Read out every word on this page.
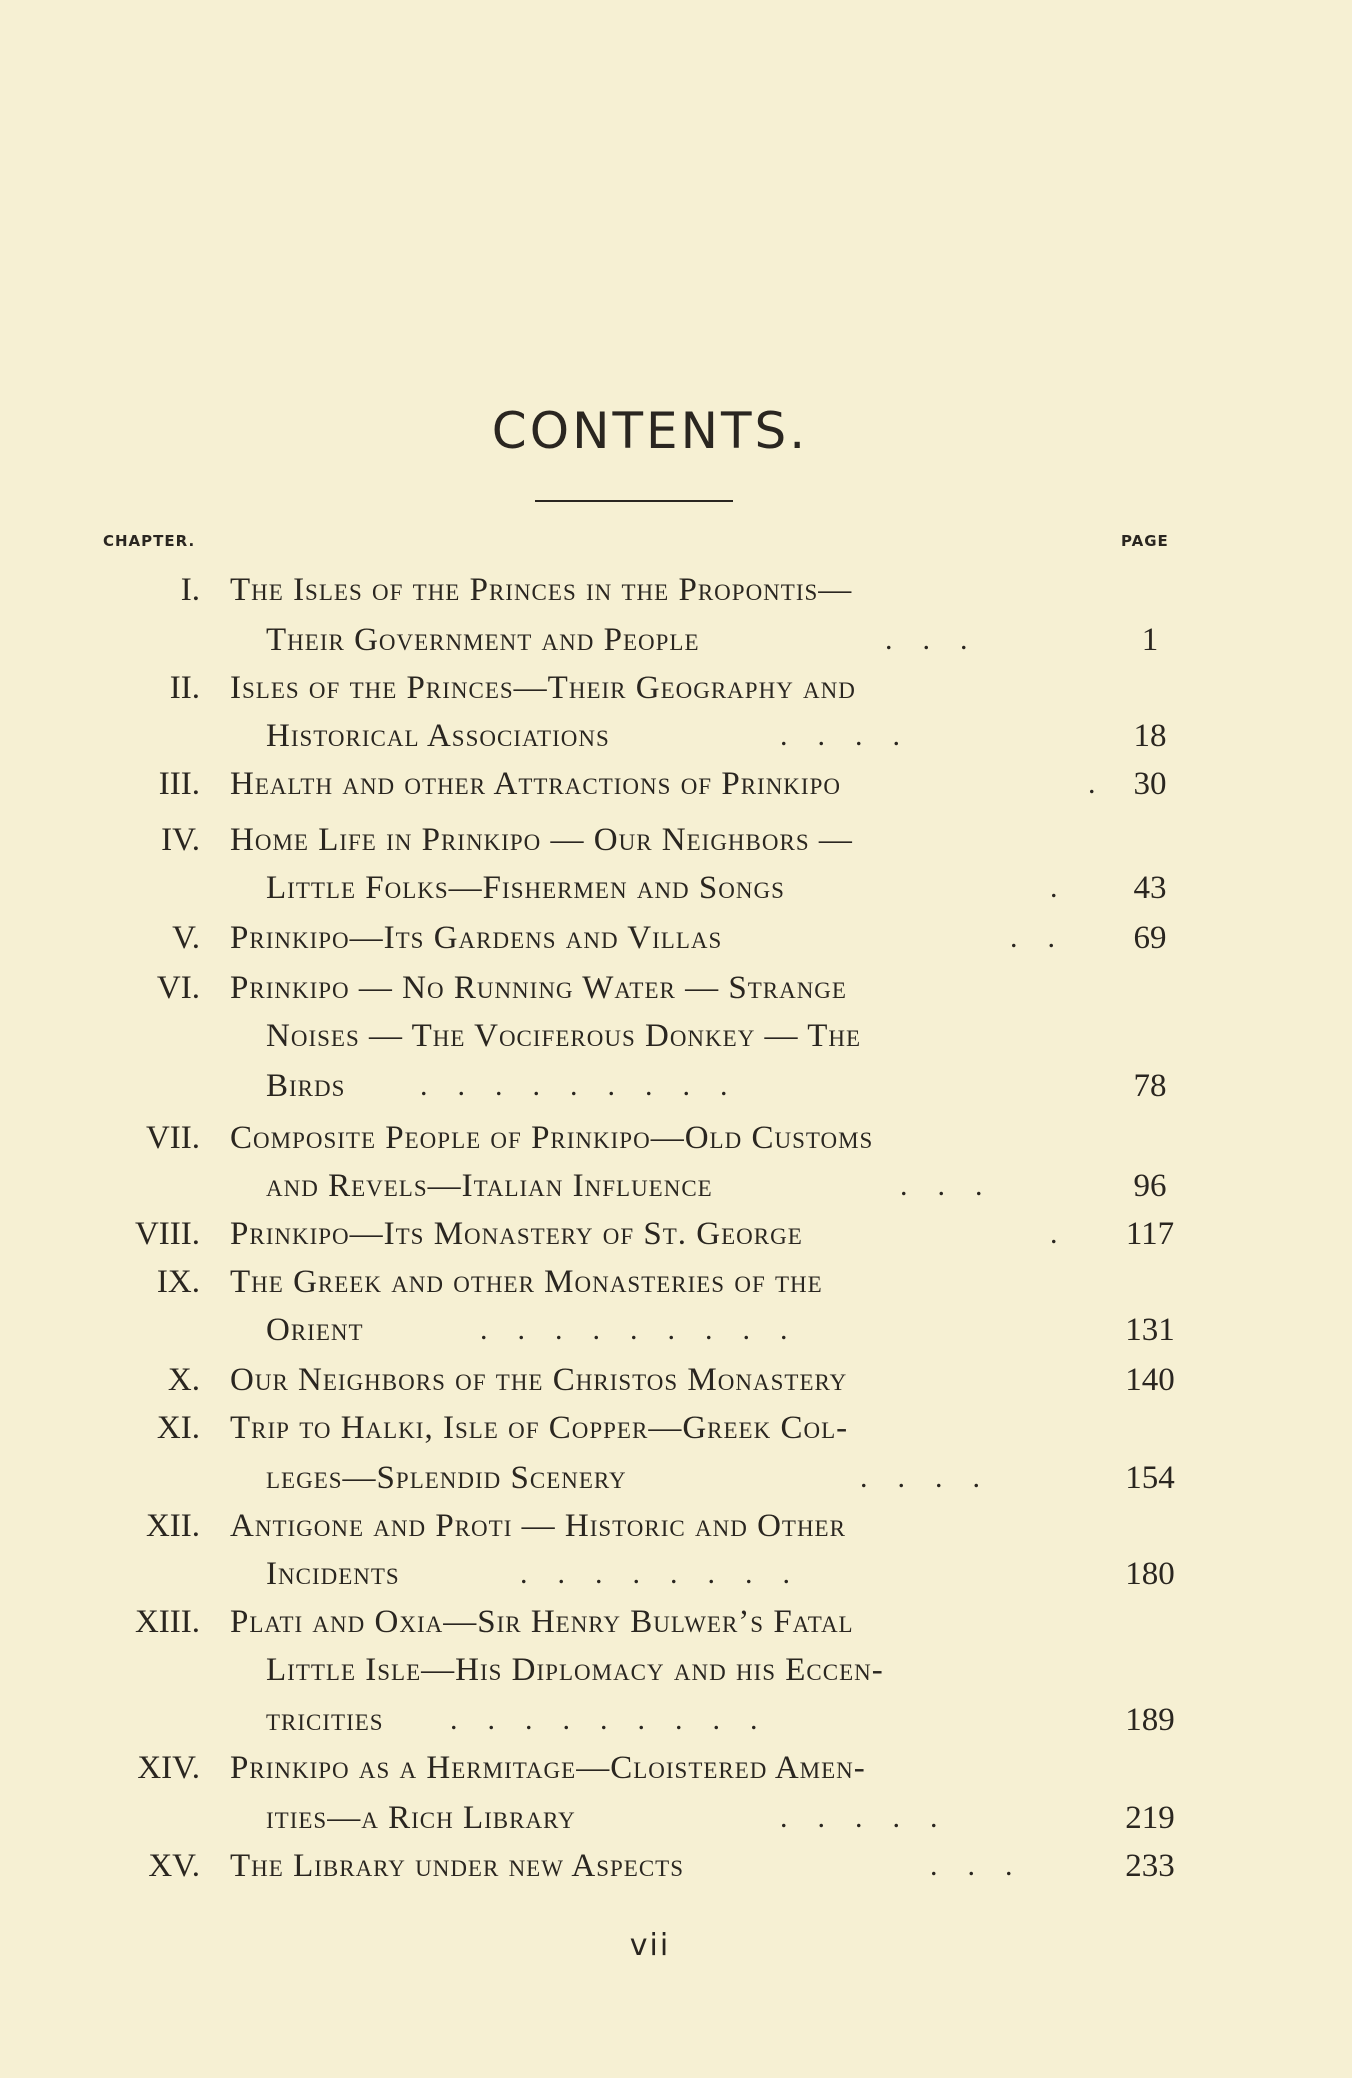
CONTENTS.
CHAPTER.	PAGE
I. The Isles of the Princes in the Propontis—
Their Government and People	...	1
II. Isles of the Princes—Their Geography and
Historical Associations	....	18
III. Health and other Attractions of Prinkipo	. 30
IV. Home Life in Prinkipo — Our Neighbors —
Little Folks—Fishermen and Songs	.	43
V. Prinkipo—Its Gardens and Villas	..	69
VI. Prinkipo — No Running Water — Strange
Noises — The Vociferous Donkey — The
Birds .........	78
VII. Composite People of Prinkipo—Old Customs
and Revels—Italian Influence	...	96
VIII. Prinkipo—Its Monastery of St. George	.	117
IX. The Greek and other Monasteries of the
Orient	.........	131
X. Our Neighbors of the Christos Monastery	140
XI. Trip to Halki, Isle of Copper—Greek Col-
leges—Splendid Scenery	....	154
XII. Antigone and Proti — Historic and Other
Incidents	........	180
XIII. Plati and Oxia—Sir Henry Bulwer’s Fatal
Little Isle—His Diplomacy and his Eccen-
tricities .........	189
XIV. Prinkipo as a Hermitage—Cloistered Amen-
ities—a Rich Library	.....	219
XV. The Library under new Aspects	...	233
vii
